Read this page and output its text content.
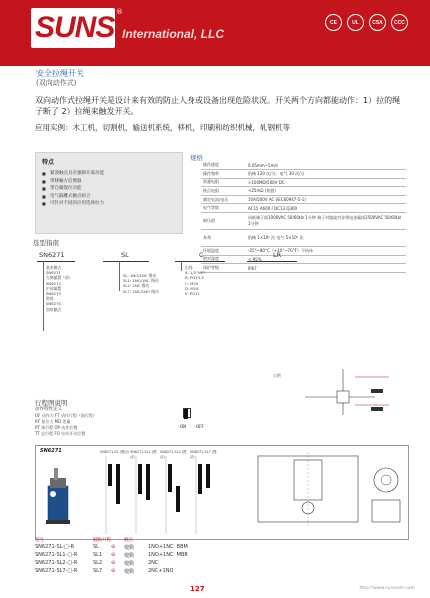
SUNS ®
International, LLC
CE	UL	CSA	CCC
安全拉绳开关
(双向动作式)
双向动作式拉绳开关是设计来有效的防止人身或设备出现危险状况。开关两个方向都能动作：1）拉的绳子断了 2）拉绳来触发开关。
应用实例：木工机，切割机，输送机系统，移机，印刷和纺织机械，轧钢机等
特点
■ 紧凑触点具有强制开离功能
■ 带移輸方信號器
■ 带自鎖復位功能
■ 电气隔離式触点組合
■ 可针对不同的应用选择拉力
规格
操作速度	0.05mm~5m/s
操作頻率	机械 120 次/分，电气 30 次/分
防護电阻	>100MΩ(500V DC
接点电阻	<25mΩ (初值)
額定电流/电压	10A/500V AC (IEC60947-5-1)
电气等級	AC15 A600 / DC13 Q300
耐压值	同极端子间1000VAC 50/60Hz 1分钟 端子对地或对非带电金属间2500VAC 50/60Hz 1分钟
寿命	机械 1×10⁶ 次 电气 5×10⁵ 次
环境温度	-25°~80°C（+10°~70°F）不结冰
相对湿度	< 95%
保护等级	IP67
选型指南
SN6271	SL	C	LR
基本模式
SN6271
左侧偏置（前）
SN6272
中部偏置
SN6273
带锁
SN6275
加装触点
SL: 1NO/1NC 慢动
SL1: 1NO/1NC 慢动
SL2: 2NC 慢动
SL7: 2NC/1NO 慢动
出线
A: 1/2"NPT
B: PG13.5
C: M20
D: M16
E: PG11
示例
行程图说明
动作特性定义
OF 动作力 FT 动作行程（前行程）
RF 复位力 MD 差量
PT 预行程 OP 动作位置
TT 总行程 FO 拉动开关位置
ON OFF
SN6271	SN6271-SL (慢动) SN6271-SL1 (慢动)
SN6271-SL2 (慢动)
SN6271-SL7 (慢动)
型号	触點行程	触点
SN6271-SL-□-R	SL	⊖	慢動	1NO+1NC BBM
SN6271-SL1-□-R	SL1	⊖	慢動	1NO+1NC MBB
SN6271-SL2-□-R	SL2	⊖	慢動	2NC
SN6271-SL7-□-R	SL7	⊖	慢動	2NC+1NO
127	http://www.sunsveh.com
